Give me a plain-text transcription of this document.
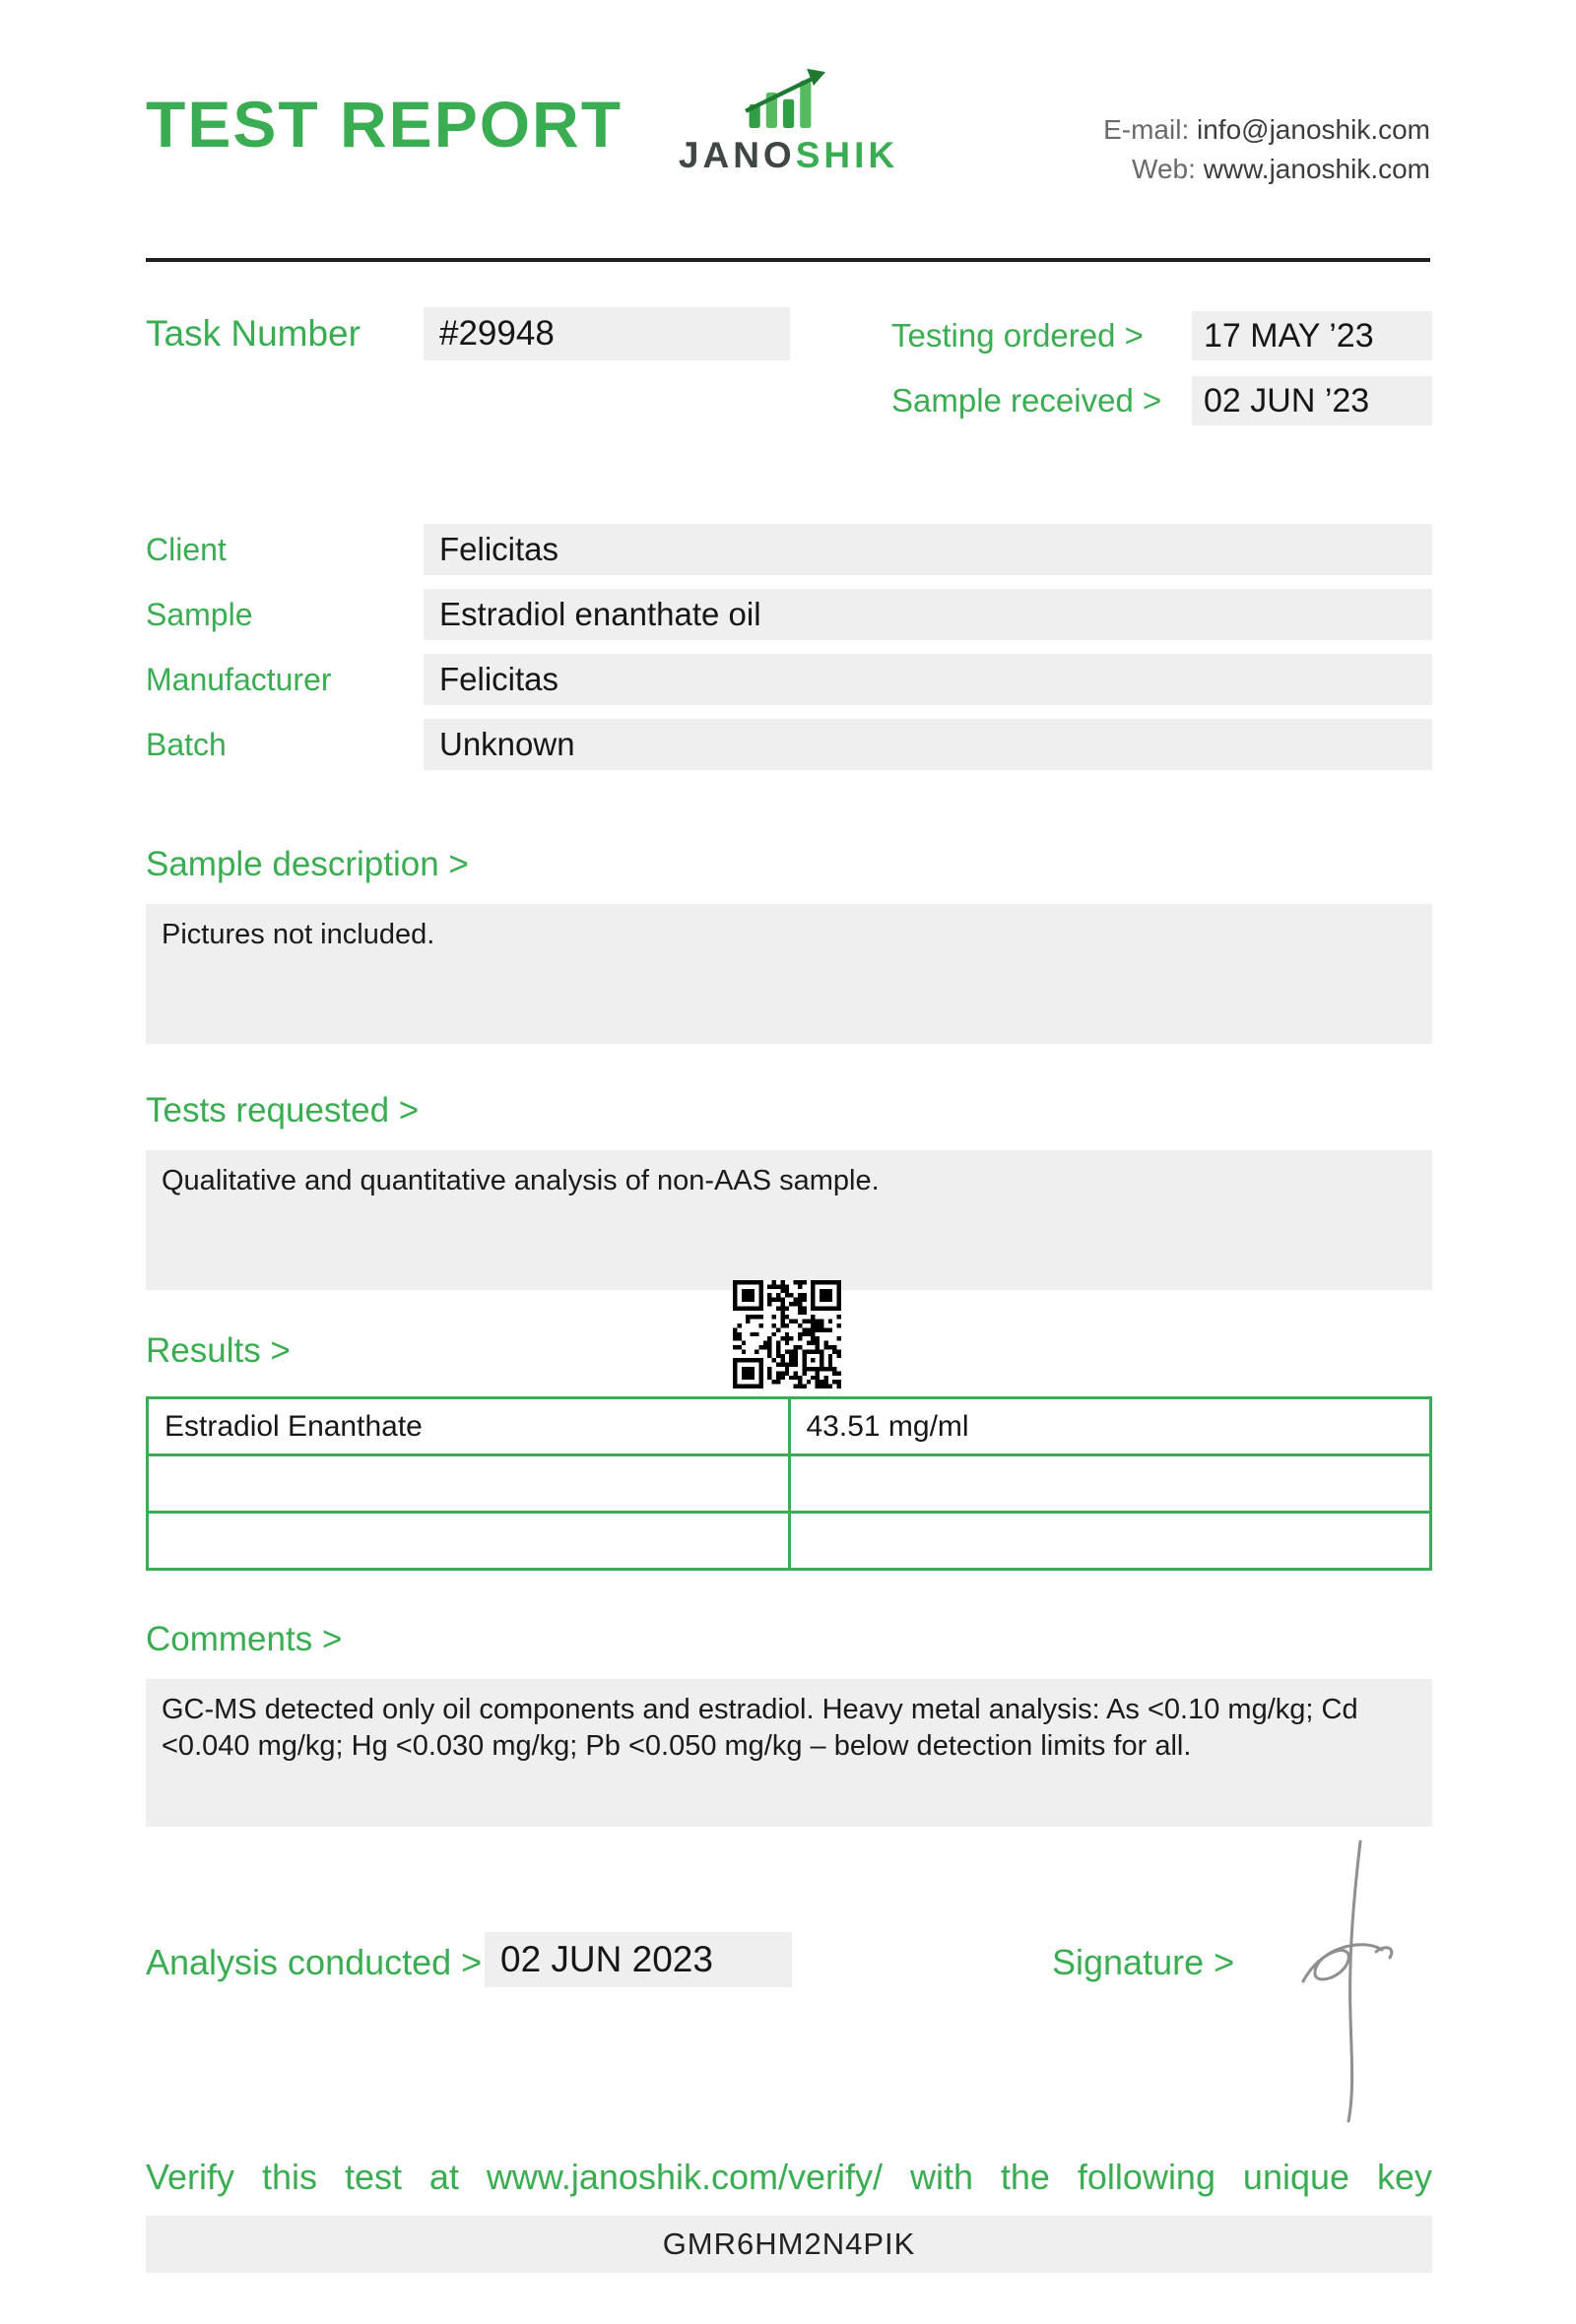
TEST REPORT JANOSHIK
E-mail: info@janoshik.com
Web: www.janoshik.com
Task Number	#29948	Testing ordered >	17 MAY ’23
Sample received >	02 JUN ’23
Client	Felicitas
Sample	Estradiol enanthate oil
Manufacturer	Felicitas
Batch	Unknown
Sample description >
Pictures not included.
Tests requested >
Qualitative and quantitative analysis of non-AAS sample.
Results >
Estradiol Enanthate	43.51 mg/ml

Comments >
GC-MS detected only oil components and estradiol. Heavy metal analysis: As <0.10 mg/kg; Cd <0.040 mg/kg; Hg <0.030 mg/kg; Pb <0.050 mg/kg – below detection limits for all.
Analysis conducted > 02 JUN 2023	Signature >
Verify this test at www.janoshik.com/verify/ with the following unique key
GMR6HM2N4PIK
